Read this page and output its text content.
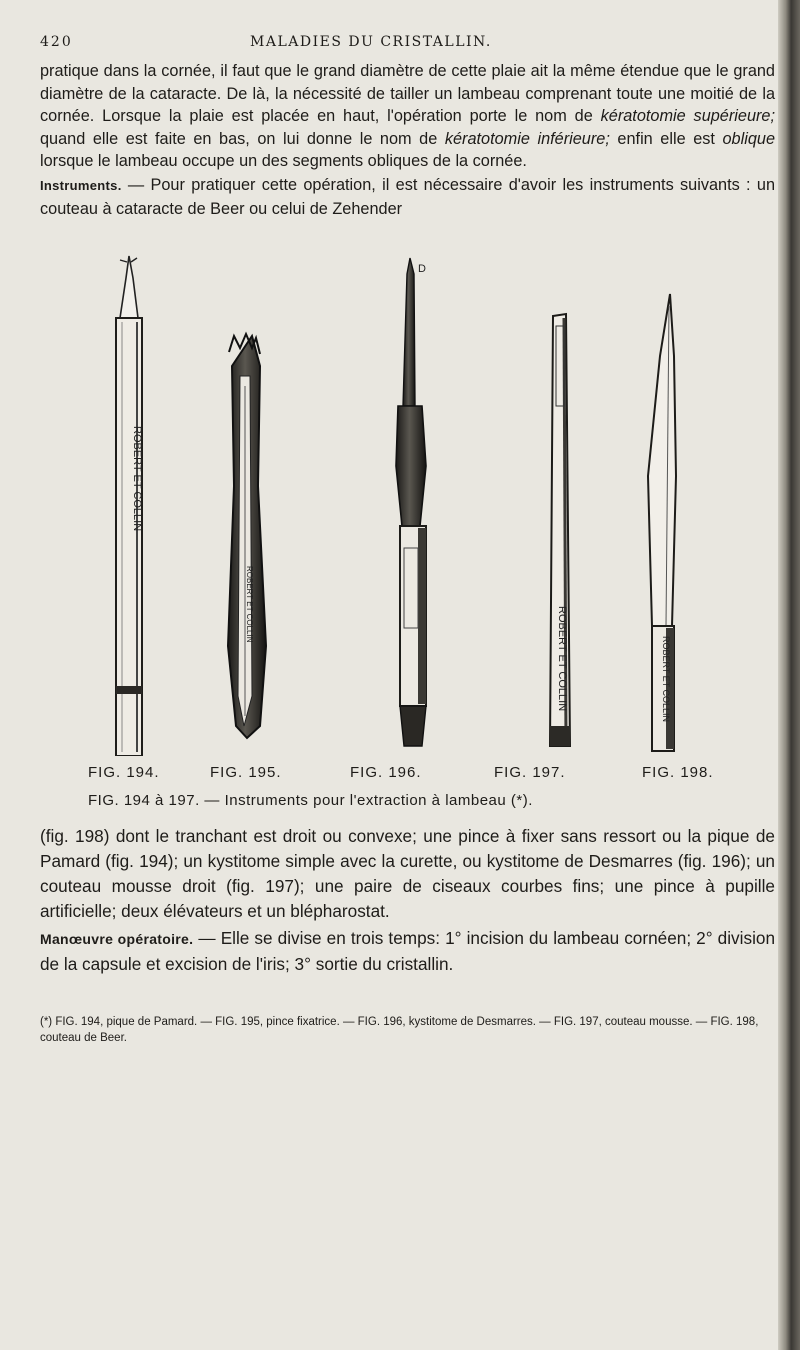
420	MALADIES DU CRISTALLIN.
pratique dans la cornée, il faut que le grand diamètre de cette plaie ait la même étendue que le grand diamètre de la cataracte. De là, la nécessité de tailler un lambeau comprenant toute une moitié de la cornée. Lorsque la plaie est placée en haut, l'opération porte le nom de kératotomie supérieure; quand elle est faite en bas, on lui donne le nom de kératotomie inférieure; enfin elle est oblique lorsque le lambeau occupe un des segments obliques de la cornée.
Instruments. — Pour pratiquer cette opération, il est nécessaire d'avoir les instruments suivants : un couteau à cataracte de Beer ou celui de Zehender
ROBERT ET COLLIN
ROBERT ET COLLIN
D
ROBERT ET COLLIN	ROBERT ET COLLIN
FIG. 194.	FIG. 195.	FIG. 196.	FIG. 197.	FIG. 198.
FIG. 194 à 197. — Instruments pour l'extraction à lambeau (*).
(fig. 198) dont le tranchant est droit ou convexe; une pince à fixer sans ressort ou la pique de Pamard (fig. 194); un kystitome simple avec la curette, ou kystitome de Desmarres (fig. 196); un couteau mousse droit (fig. 197); une paire de ciseaux courbes fins; une pince à pupille artificielle; deux élévateurs et un blépharostat.
Manœuvre opératoire. — Elle se divise en trois temps: 1° incision du lambeau cornéen; 2° division de la capsule et excision de l'iris; 3° sortie du cristallin.
(*) FIG. 194, pique de Pamard. — FIG. 195, pince fixatrice. — FIG. 196, kystitome de Desmarres. — FIG. 197, couteau mousse. — FIG. 198, couteau de Beer.
